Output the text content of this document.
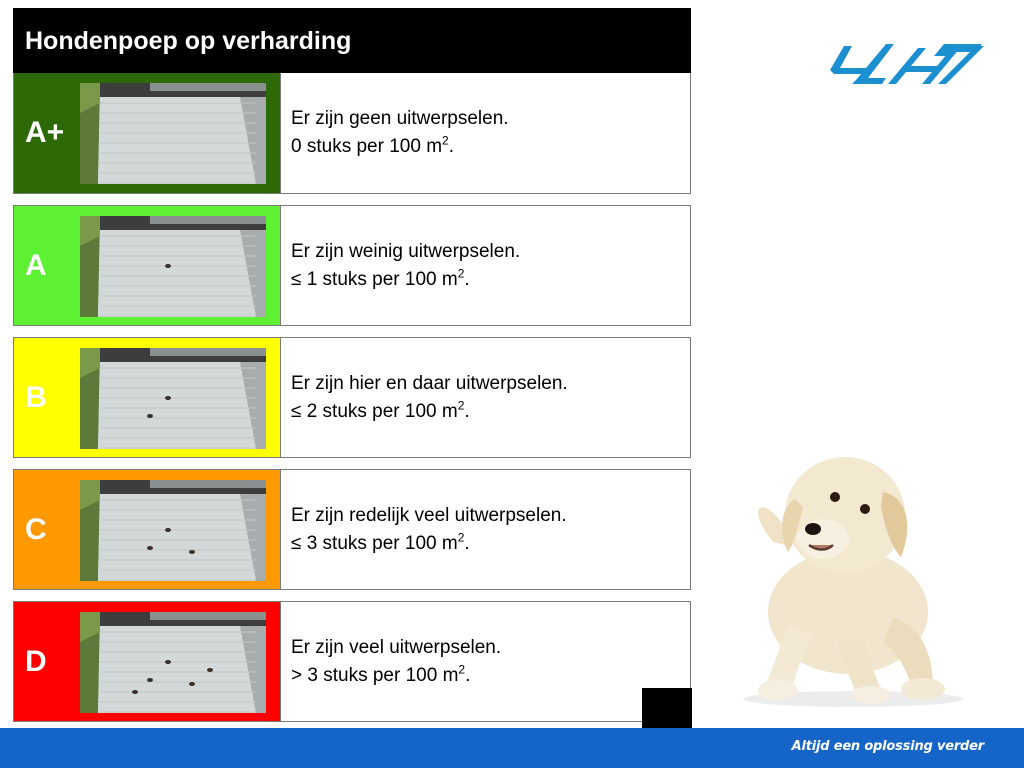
Hondenpoep op verharding
A+	Er zijn geen uitwerpselen.
0 stuks per 100 $m^2$.
A	Er zijn weinig uitwerpselen.
≤ 1 stuks per 100 $m^2$.
B	Er zijn hier en daar uitwerpselen.
≤ 2 stuks per 100 $m^2$.
C	Er zijn redelijk veel uitwerpselen.
≤ 3 stuks per 100 $m^2$.
D	Er zijn veel uitwerpselen.
> 3 stuks per 100 $m^2$.
Altijd een oplossing verder
